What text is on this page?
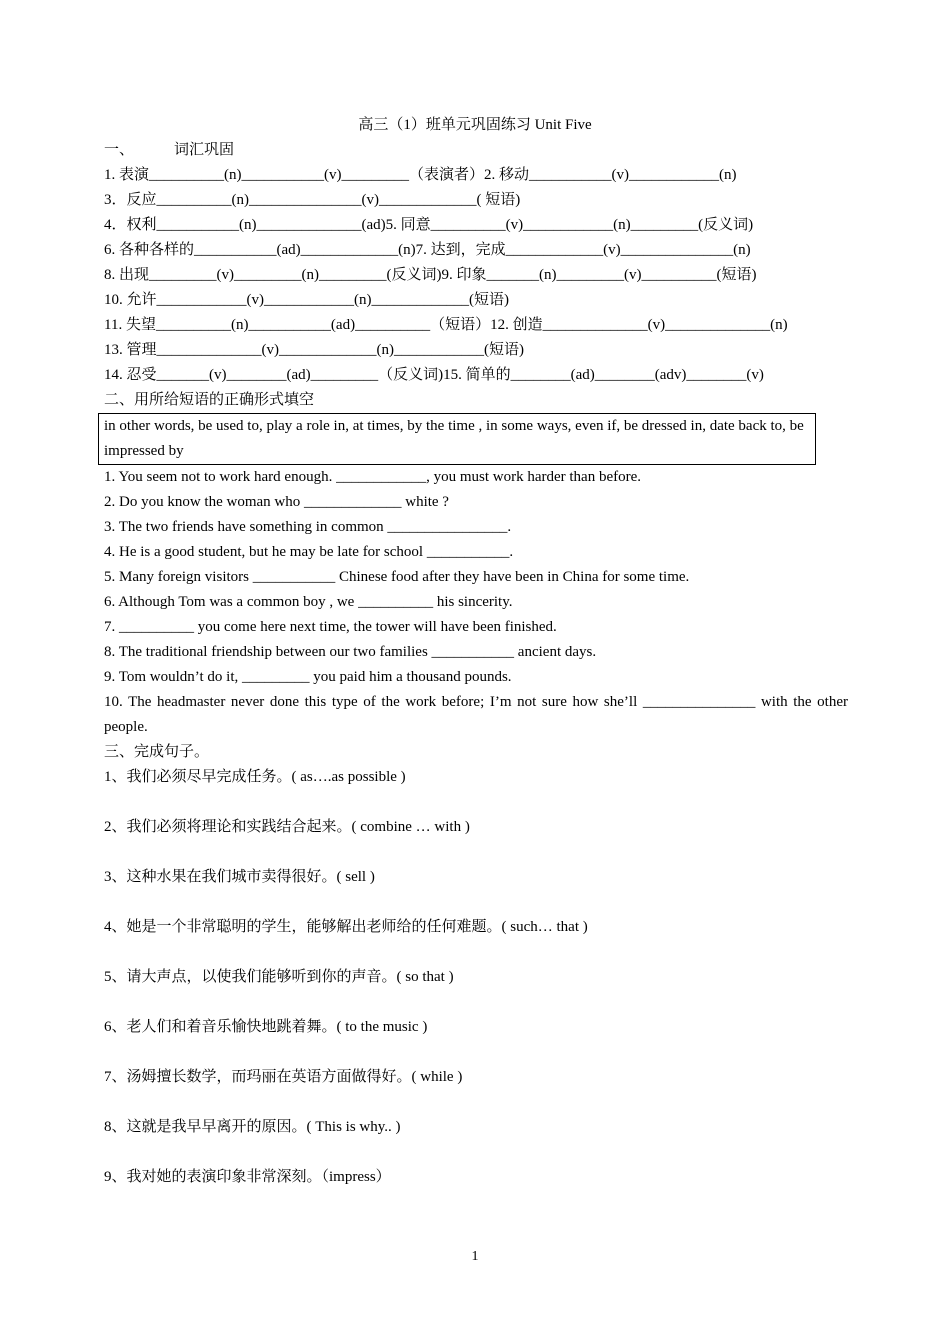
高三（1）班单元巩固练习 Unit Five
一、	词汇巩固
1. 表演__________(n)___________(v)_________（表演者）2. 移动___________(v)____________(n)
3．反应__________(n)_______________(v)_____________( 短语)
4．权利___________(n)______________(ad)5. 同意__________(v)____________(n)_________(反义词)
6. 各种各样的___________(ad)_____________(n)7. 达到，完成_____________(v)_______________(n)
8. 出现_________(v)_________(n)_________(反义词)9. 印象_______(n)_________(v)__________(短语)
10. 允许____________(v)____________(n)_____________(短语)
11. 失望__________(n)___________(ad)__________（短语）12. 创造______________(v)______________(n)
13. 管理______________(v)_____________(n)____________(短语)
14. 忍受_______(v)________(ad)_________（反义词)15. 简单的________(ad)________(adv)________(v)
二、用所给短语的正确形式填空
in other words, be used to, play a role in, at times, by the time , in some ways, even if, be dressed in, date back to, be impressed by
1. You seem not to work hard enough. ____________, you must work harder than before.
2. Do you know the woman who _____________ white ?
3. The two friends have something in common ________________.
4. He is a good student, but he may be late for school ___________.
5. Many foreign visitors ___________ Chinese food after they have been in China for some time.
6. Although Tom was a common boy , we __________ his sincerity.
7. __________ you come here next time, the tower will have been finished.
8. The traditional friendship between our two families ___________ ancient days.
9. Tom wouldn’t do it, _________ you paid him a thousand pounds.
10. The headmaster never done this type of the work before; I’m not sure how she’ll _______________ with the other people.
三、完成句子。
1、我们必须尽早完成任务。( as….as possible )
2、我们必须将理论和实践结合起来。( combine … with )
3、这种水果在我们城市卖得很好。( sell )
4、她是一个非常聪明的学生，能够解出老师给的任何难题。( such… that )
5、请大声点，以使我们能够听到你的声音。( so that )
6、老人们和着音乐愉快地跳着舞。( to the music )
7、汤姆擅长数学，而玛丽在英语方面做得好。( while )
8、这就是我早早离开的原因。( This is why.. )
9、我对她的表演印象非常深刻。（impress）
1
